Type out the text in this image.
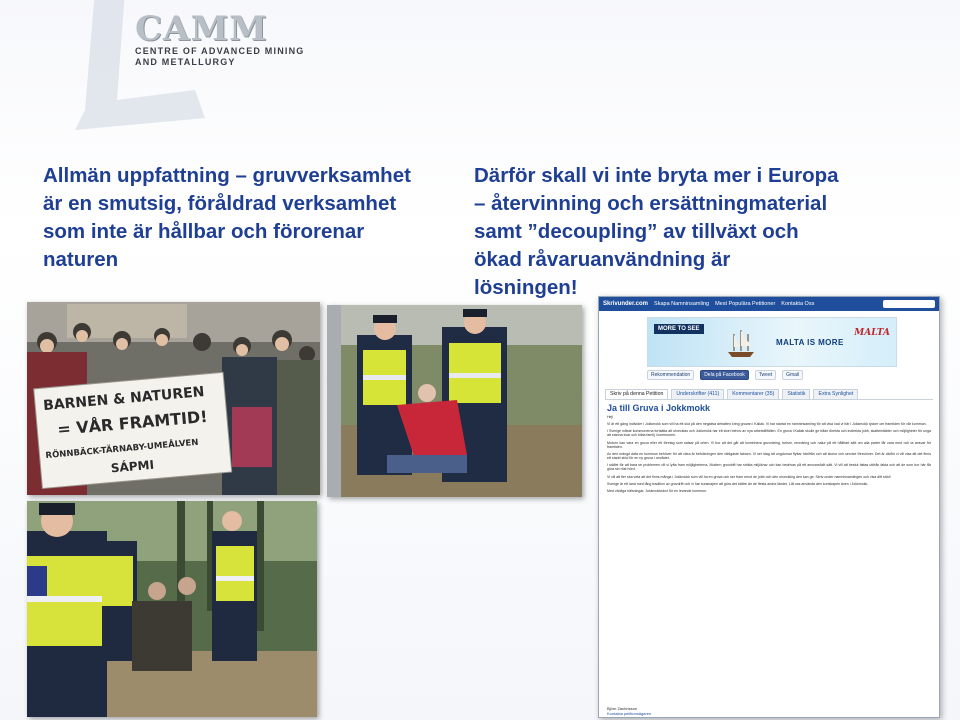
CAMM
CENTRE OF ADVANCED MINING
AND METALLURGY
Allmän uppfattning – gruvverksamhet är en smutsig, föråldrad verksamhet som inte är hållbar och förorenar naturen
Därför skall vi inte bryta mer i Europa
– återvinning och ersättningmaterial
samt ”decoupling” av tillväxt och
ökad råvaruanvändning är
lösningen!
BARNEN & NATUREN
= VÅR FRAMTID!
RÖNNBÄCK-TÄRNABY-UMEÅLVEN
SÁPMI
Skrivunder.com Skapa Namninsamling Mest Populära Petitioner Kontakta Oss
MORE TO SEE
MALTA IS MORE
MALTA
Rekommendation	Dela på Facebook	Tweet	Gmail
Skriv på denna Petition	Underskrifter (411)	Kommentarer (35)	Statistik	Extra Synlighet
Ja till Gruva i Jokkmokk

Hej!

Vi är ett gäng individer i Jokkmokk som vill ha ett slut på den negativa debatten kring gruvan i Kallak. Vi har startat en namninsamling för att visa vad vi här i Jokkmokk tycker om framtiden för vår kommun.

I Sverige måste kommunerna fortsätta att utvecklas och Jokkmokk har ett stort behov av nya arbetstillfällen. En gruva i Kallak skulle ge både direkta och indirekta jobb, skatteintäkter och möjligheter för unga att stanna kvar och bilda familj i kommunen.

Motorn kan vara en gruva eller ett företag som satsar på orten. Vi tror att det går att kombinera gruvnäring, turism, rennäring och natur på ett hållbart sätt om alla parter får vara med och ta ansvar för framtiden.

Av den mängd data en kommun behöver för att växa är befolkningen den viktigaste faktorn. Vi ser idag att ungdomar flyttar härifrån och att skolor och service försvinner. Det är därför vi vill visa att det finns ett starkt stöd för en ny gruva i området.

I stället för att bara se problemen vill vi lyfta fram möjligheterna. Modern gruvdrift har strikta miljökrav och kan bedrivas på ett ansvarsfullt sätt. Vi vill att beslut fattas utifrån fakta och att de som bor här får göra sin röst hörd.

Vi vill att fler ska veta att det finns många i Jokkmokk som vill ha en gruva och ser fram emot de jobb och den utveckling den kan ge. Skriv under namninsamlingen och visa ditt stöd!

Sverige är ett land med lång tradition av gruvdrift och vi har kunskapen att göra det bättre än de flesta andra länder. Låt oss använda den kunskapen även i Jokkmokk.

Med vänliga hälsningar, Jokkmokksbor för en levande kommun.

Björn Zachrisson
Kontakta petitionsägaren
